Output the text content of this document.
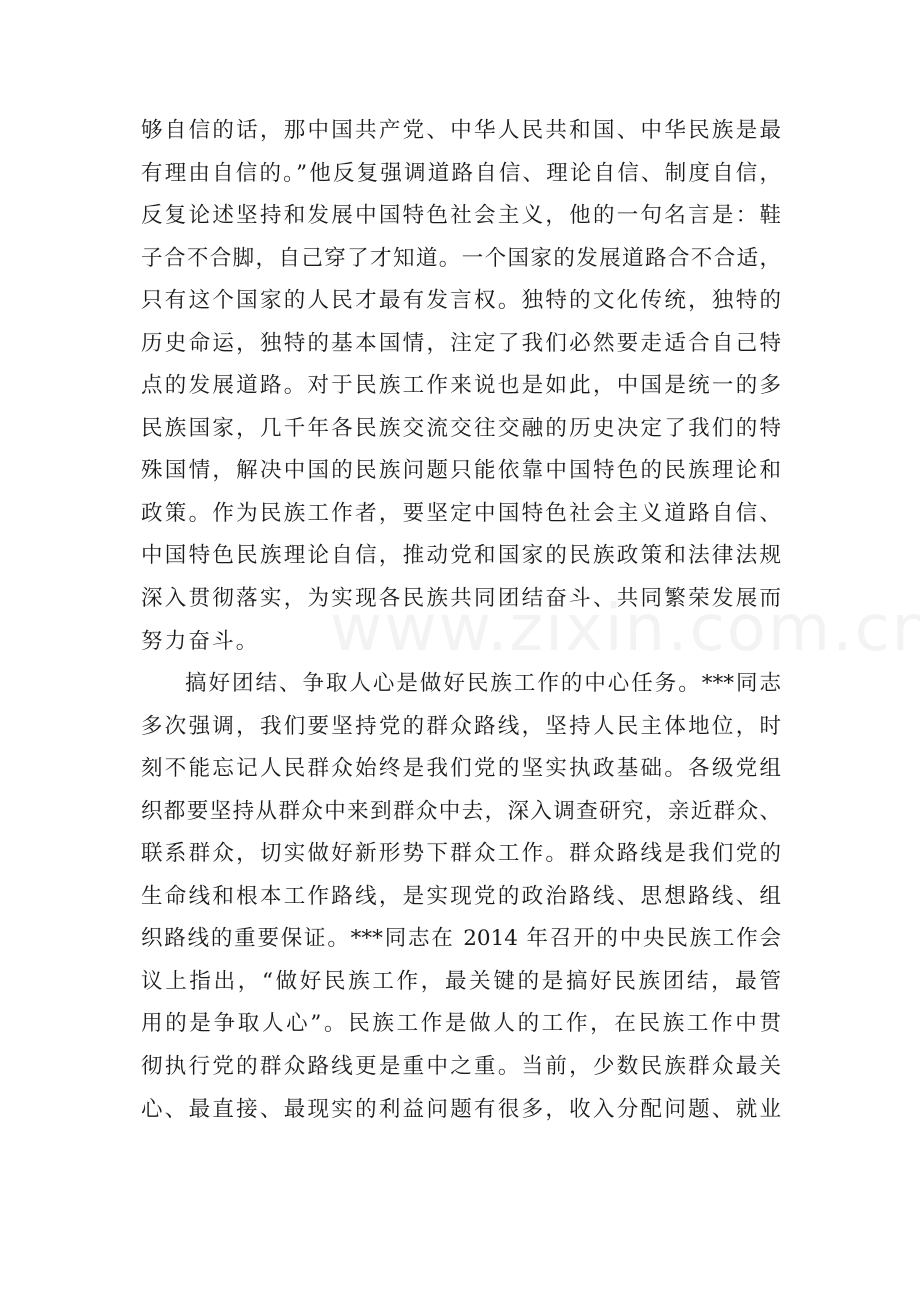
够自信的话，那中国共产党、中华人民共和国、中华民族是最
有理由自信的。”他反复强调道路自信、理论自信、制度自信，
反复论述坚持和发展中国特色社会主义，他的一句名言是：鞋
子合不合脚，自己穿了才知道。一个国家的发展道路合不合适，
只有这个国家的人民才最有发言权。独特的文化传统，独特的
历史命运，独特的基本国情，注定了我们必然要走适合自己特
点的发展道路。对于民族工作来说也是如此，中国是统一的多
民族国家，几千年各民族交流交往交融的历史决定了我们的特
殊国情，解决中国的民族问题只能依靠中国特色的民族理论和
政策。作为民族工作者，要坚定中国特色社会主义道路自信、
中国特色民族理论自信，推动党和国家的民族政策和法律法规
深入贯彻落实，为实现各民族共同团结奋斗、共同繁荣发展而
努力奋斗。
搞好团结、争取人心是做好民族工作的中心任务。***同志
多次强调，我们要坚持党的群众路线，坚持人民主体地位，时
刻不能忘记人民群众始终是我们党的坚实执政基础。各级党组
织都要坚持从群众中来到群众中去，深入调查研究，亲近群众、
联系群众，切实做好新形势下群众工作。群众路线是我们党的
生命线和根本工作路线，是实现党的政治路线、思想路线、组
织路线的重要保证。***同志在 2014 年召开的中央民族工作会
议上指出，“做好民族工作，最关键的是搞好民族团结，最管
用的是争取人心”。民族工作是做人的工作，在民族工作中贯
彻执行党的群众路线更是重中之重。当前，少数民族群众最关
心、最直接、最现实的利益问题有很多，收入分配问题、就业
